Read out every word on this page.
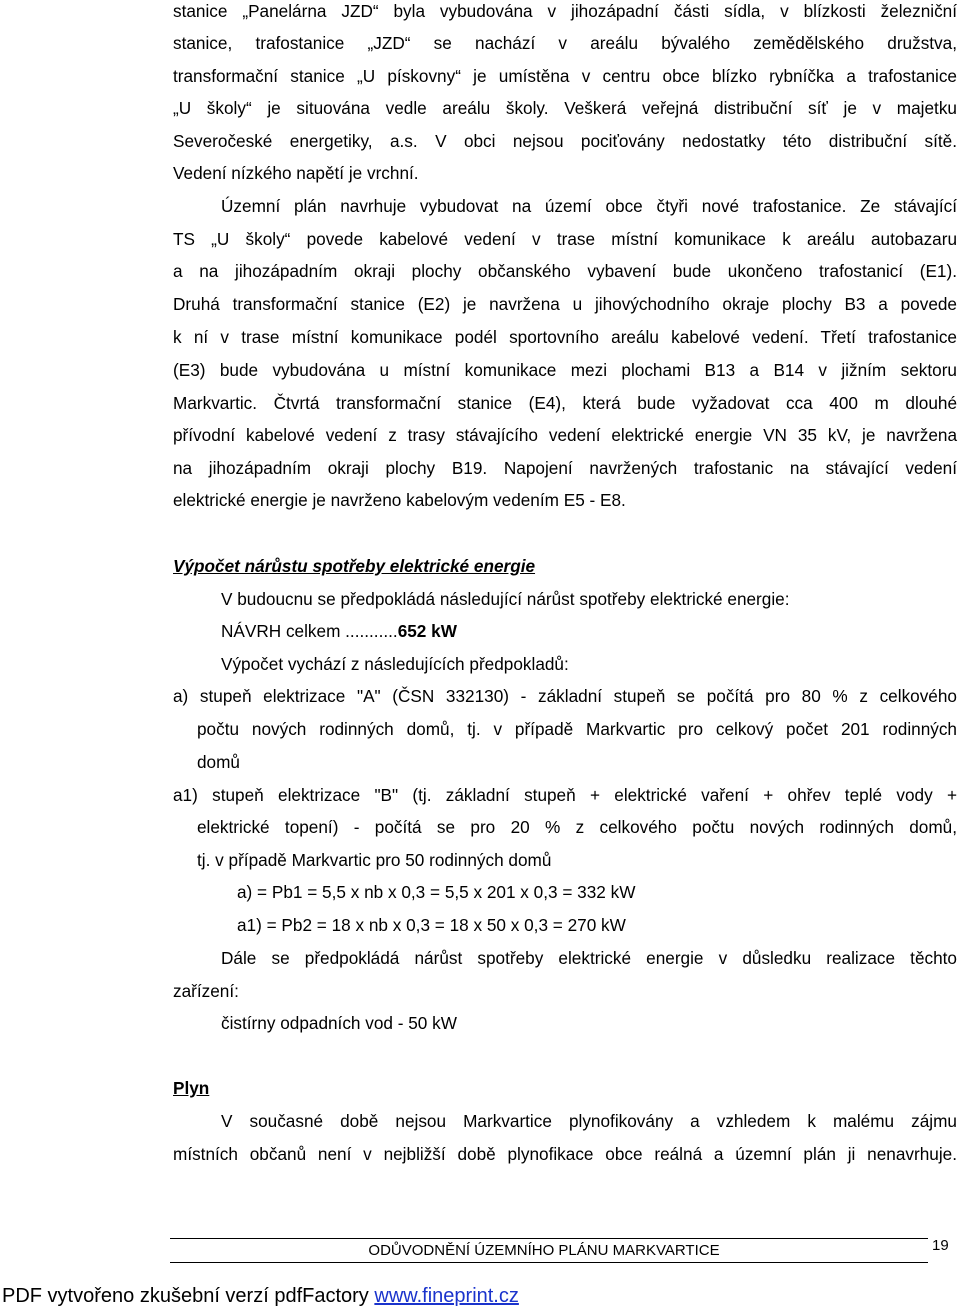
stanice „Panelárna JZD“ byla vybudována v jihozápadní části sídla, v blízkosti železniční
stanice, trafostanice „JZD“ se nachází v areálu bývalého zemědělského družstva,
transformační stanice „U pískovny“ je umístěna v centru obce blízko rybníčka a trafostanice
„U školy“ je situována vedle areálu školy. Veškerá veřejná distribuční síť je v majetku
Severočeské energetiky, a.s. V obci nejsou pociťovány nedostatky této distribuční sítě.
Vedení nízkého napětí je vrchní.
Územní plán navrhuje vybudovat na území obce čtyři nové trafostanice. Ze stávající
TS „U školy“ povede kabelové vedení v trase místní komunikace k areálu autobazaru
a na jihozápadním okraji plochy občanského vybavení bude ukončeno trafostanicí (E1).
Druhá transformační stanice (E2) je navržena u jihovýchodního okraje plochy B3 a povede
k ní v trase místní komunikace podél sportovního areálu kabelové vedení. Třetí trafostanice
(E3) bude vybudována u místní komunikace mezi plochami B13 a B14 v jižním sektoru
Markvartic. Čtvrtá transformační stanice (E4), která bude vyžadovat cca 400 m dlouhé
přívodní kabelové vedení z trasy stávajícího vedení elektrické energie VN 35 kV, je navržena
na jihozápadním okraji plochy B19. Napojení navržených trafostanic na stávající vedení
elektrické energie je navrženo kabelovým vedením E5 - E8.
Výpočet nárůstu spotřeby elektrické energie
V budoucnu se předpokládá následující nárůst spotřeby elektrické energie:
NÁVRH celkem ...........652 kW
Výpočet vychází z následujících předpokladů:
a) stupeň elektrizace "A" (ČSN 332130) - základní stupeň se počítá pro 80 % z celkového
počtu nových rodinných domů, tj. v případě Markvartic pro celkový počet 201 rodinných
domů
a1) stupeň elektrizace "B" (tj. základní stupeň + elektrické vaření + ohřev teplé vody +
elektrické topení) - počítá se pro 20 % z celkového počtu nových rodinných domů,
tj. v případě Markvartic pro 50 rodinných domů
a) = Pb1 = 5,5 x nb x 0,3 = 5,5 x 201 x 0,3 = 332 kW
a1) = Pb2 = 18 x nb x 0,3 = 18 x 50 x 0,3 = 270 kW
Dále se předpokládá nárůst spotřeby elektrické energie v důsledku realizace těchto
zařízení:
čistírny odpadních vod - 50 kW
Plyn
V současné době nejsou Markvartice plynofikovány a vzhledem k malému zájmu
místních občanů není v nejbližší době plynofikace obce reálná a územní plán ji nenavrhuje.
ODŮVODNĚNÍ ÚZEMNÍHO PLÁNU MARKVARTICE	19
PDF vytvořeno zkušební verzí pdfFactory www.fineprint.cz
